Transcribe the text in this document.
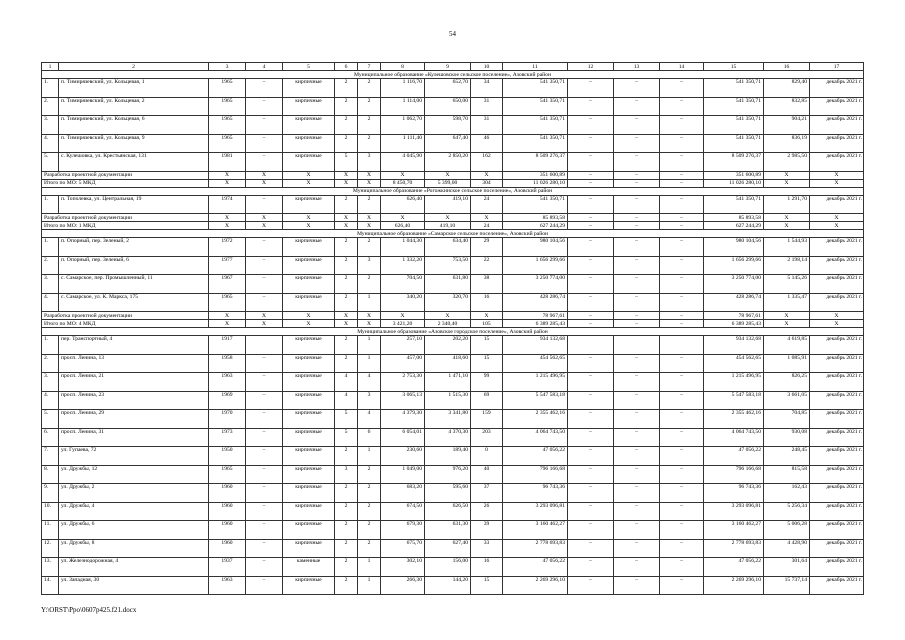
54
1	2	3	4	5	6	7	8	9	10	11	12	13	14	15	16	17
Муниципальное образование «Кулешовское сельское поселение», Азовский район																
1.	п. Тимирязевский, ул. Кольцевая, 1	1965	–	кирпичные	2	2	1 116,70	652,70	34	541 350,71	–	–	–	541 350,71	829,40	декабрь 2021 г.
2.	п. Тимирязевский, ул. Кольцевая, 2	1965	–	кирпичные	2	2	1 114,00	650,00	31	541 350,71	–	–	–	541 350,71	832,85	декабрь 2021 г.
3.	п. Тимирязевский, ул. Кольцевая, 6	1965	–	кирпичные	2	2	1 062,70	598,70	31	541 350,71	–	–	–	541 350,71	904,21	декабрь 2021 г.
4.	п. Тимирязевский, ул. Кольцевая, 9	1965	–	кирпичные	2	2	1 111,40	647,40	46	541 350,71	–	–	–	541 350,71	836,19	декабрь 2021 г.
5.	с. Кулешовка, ул. Крестьянская, 131	1981	–	кирпичные	5	3	4 045,90	2 850,20	162	8 509 276,37	–	–	–	8 509 276,37	2 985,50	декабрь 2021 г.
Разработка проектной документации		X	X	X	X	X	X	X	X	351 600,89	–	–	–	351 600,89	X	X
Итого по МО: 5 МКД		X	X	X	X	X	8 450,70	5 399,00	304	11 026 280,10	–	–	–	11 026 280,10	X	X
Муниципальное образование «Рогожкинское сельское поселение», Азовский район																
1.	п. Тополевка, ул. Центральная, 19	1974	–	кирпичные	2	2	626,40	419,10	24	541 350,71	–	–	–	541 350,71	1 291,70	декабрь 2021 г.
Разработка проектной документации		X	X	X	X	X	X	X	X	85 893,58	–	–	–	85 893,58	X	X
Итого по МО: 1 МКД		X	X	X	X	X	626,40	419,10	24	627 244,29	–	–	–	627 244,29	X	X
Муниципальное образование «Самарское сельское поселение», Азовский район																
1.	п. Опорный, пер. Зеленый, 2	1972	–	кирпичные	2	2	1 044,30	634,40	29	980 104,56	–	–	–	980 104,56	1 544,93	декабрь 2021 г.
2.	п. Опорный, пер. Зеленый, 6	1977	–	кирпичные	2	3	1 332,20	753,50	22	1 656 299,66	–	–	–	1 656 299,66	2 198,14	декабрь 2021 г.
3.	с. Самарское, пер. Промышленный, 11	1967	–	кирпичные	2	2	704,50	631,80	38	3 250 774,00	–	–	–	3 250 774,00	5 145,26	декабрь 2021 г.
4.	с. Самарское, ул. К. Маркса, 175	1965	–	кирпичные	2	1	340,20	320,70	16	428 286,74	–	–	–	428 286,74	1 335,47	декабрь 2021 г.
Разработка проектной документации		X	X	X	X	X	X	X	X	78 967,61	–	–	–	78 967,61	X	X
Итого по МО: 4 МКД		X	X	X	X	X	3 421,20	2 340,40	105	6 389 285,43	–	–	–	6 389 285,43	X	X
Муниципальное образование «Азовское городское поселение», Азовский район																
1.	пер. Транспортный, 4	1917		кирпичные	2	1	257,10	202,20	15	934 132,68				934 132,68	4 619,85	декабрь 2021 г.
2.	просп. Ленина, 13	1958	–	кирпичные	2	1	457,00	418,60	15	454 562,65	–	–	–	454 562,65	1 085,91	декабрь 2021 г.
3.	просп. Ленина, 21	1963	–	кирпичные	4	4	2 753,30	1 471,10	99	1 215 496,95	–	–	–	1 215 496,95	826,25	декабрь 2021 г.
4.	просп. Ленина, 23	1969	–	кирпичные	4	3	3 065,13	1 515,30	69	5 547 583,18	–	–	–	5 547 583,18	3 661,05	декабрь 2021 г.
5.	просп. Ленина, 29	1970	–	кирпичные	5	4	4 379,30	3 341,80	159	2 355 462,16	–	–	–	2 355 462,16	704,85	декабрь 2021 г.
6.	просп. Ленина, 31	1973	–	кирпичные	5	6	6 054,01	4 370,30	203	4 064 743,50	–	–	–	4 064 743,50	930,08	декабрь 2021 г.
7.	ул. Гупаева, 72	1950	–	кирпичные	2	1	230,60	189,40	0	47 056,22	–	–	–	47 056,22	248,45	декабрь 2021 г.
8.	ул. Дружбы, 12	1965	–	кирпичные	3	2	1 049,00	976,20	40	796 166,68	–	–	–	796 166,68	815,58	декабрь 2021 г.
9.	ул. Дружбы, 2	1960	–	кирпичные	2	2	683,20	595,60	37	96 743,36	–	–	–	96 743,36	162,43	декабрь 2021 г.
10.	ул. Дружбы, 4	1960	–	кирпичные	2	2	674,50	626,50	26	3 293 096,81	–	–	–	3 293 096,81	5 256,34	декабрь 2021 г.
11.	ул. Дружбы, 6	1960	–	кирпичные	2	2	679,30	631,30	39	3 160 462,27	–	–	–	3 160 462,27	5 006,28	декабрь 2021 г.
12.	ул. Дружбы, 8	1960	–	кирпичные	2	2	675,70	627,40	33	2 778 693,83	–	–	–	2 778 693,83	4 428,90	декабрь 2021 г.
13.	ул. Железнодорожная, 4	1937	–	каменные	2	1	302,10	156,00	16	47 056,22	–	–	–	47 056,22	301,64	декабрь 2021 г.
14.	ул. Западная, 30	1963	–	кирпичные	2	1	266,30	144,20	15	2 269 296,10	–	–	–	2 269 296,10	15 737,14	декабрь 2021 г.
Y:\ORST\Ppo\0607p425.f21.docx
